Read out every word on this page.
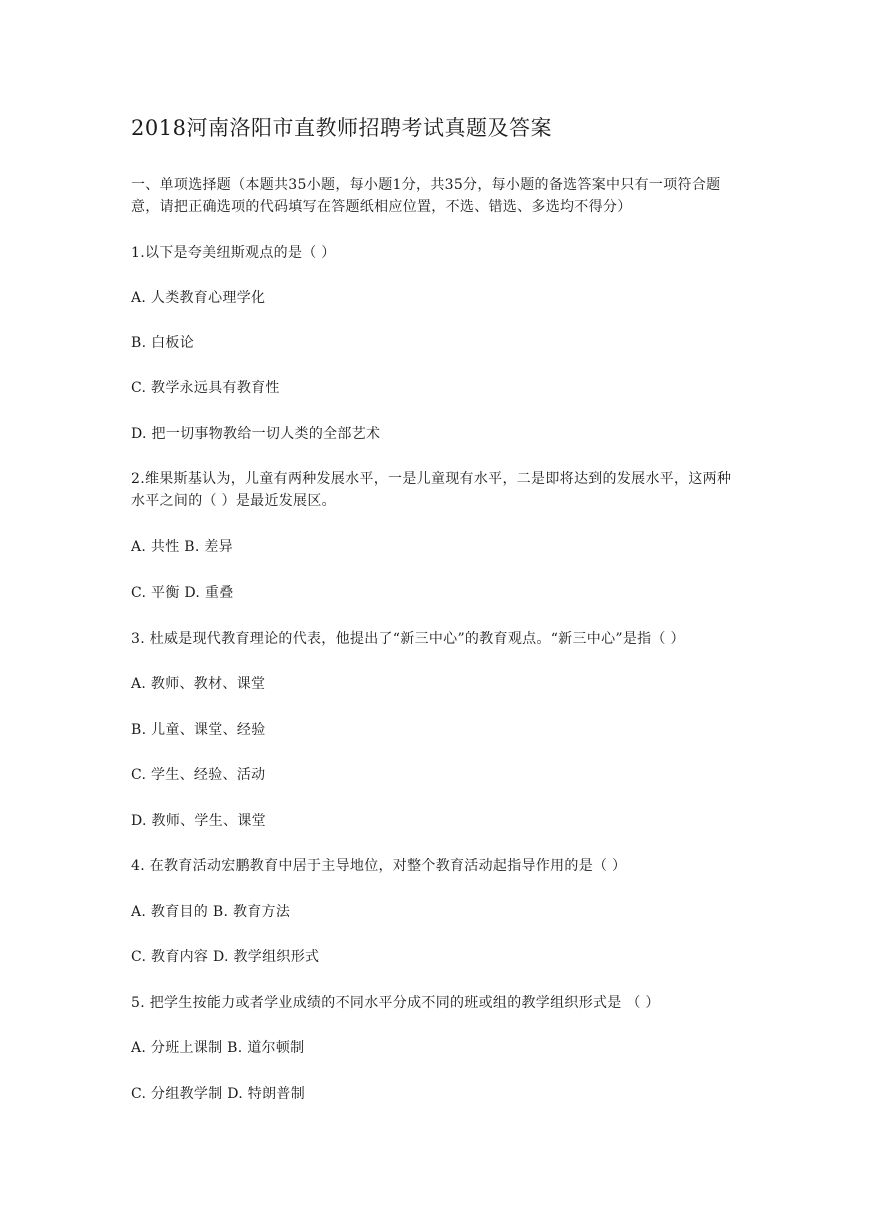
2018河南洛阳市直教师招聘考试真题及答案
一、单项选择题（本题共35小题，每小题1分，共35分，每小题的备选答案中只有一项符合题意，请把正确选项的代码填写在答题纸相应位置，不选、错选、多选均不得分）
1.以下是夸美纽斯观点的是（ ）
A. 人类教育心理学化
B. 白板论
C. 教学永远具有教育性
D. 把一切事物教给一切人类的全部艺术
2.维果斯基认为，儿童有两种发展水平，一是儿童现有水平，二是即将达到的发展水平，这两种水平之间的（ ）是最近发展区。
A. 共性 B. 差异
C. 平衡 D. 重叠
3. 杜威是现代教育理论的代表，他提出了“新三中心”的教育观点。“新三中心”是指（ ）
A. 教师、教材、课堂
B. 儿童、课堂、经验
C. 学生、经验、活动
D. 教师、学生、课堂
4. 在教育活动宏鹏教育中居于主导地位，对整个教育活动起指导作用的是（ ）
A. 教育目的 B. 教育方法
C. 教育内容 D. 教学组织形式
5. 把学生按能力或者学业成绩的不同水平分成不同的班或组的教学组织形式是 （ ）
A. 分班上课制 B. 道尔顿制
C. 分组教学制 D. 特朗普制
